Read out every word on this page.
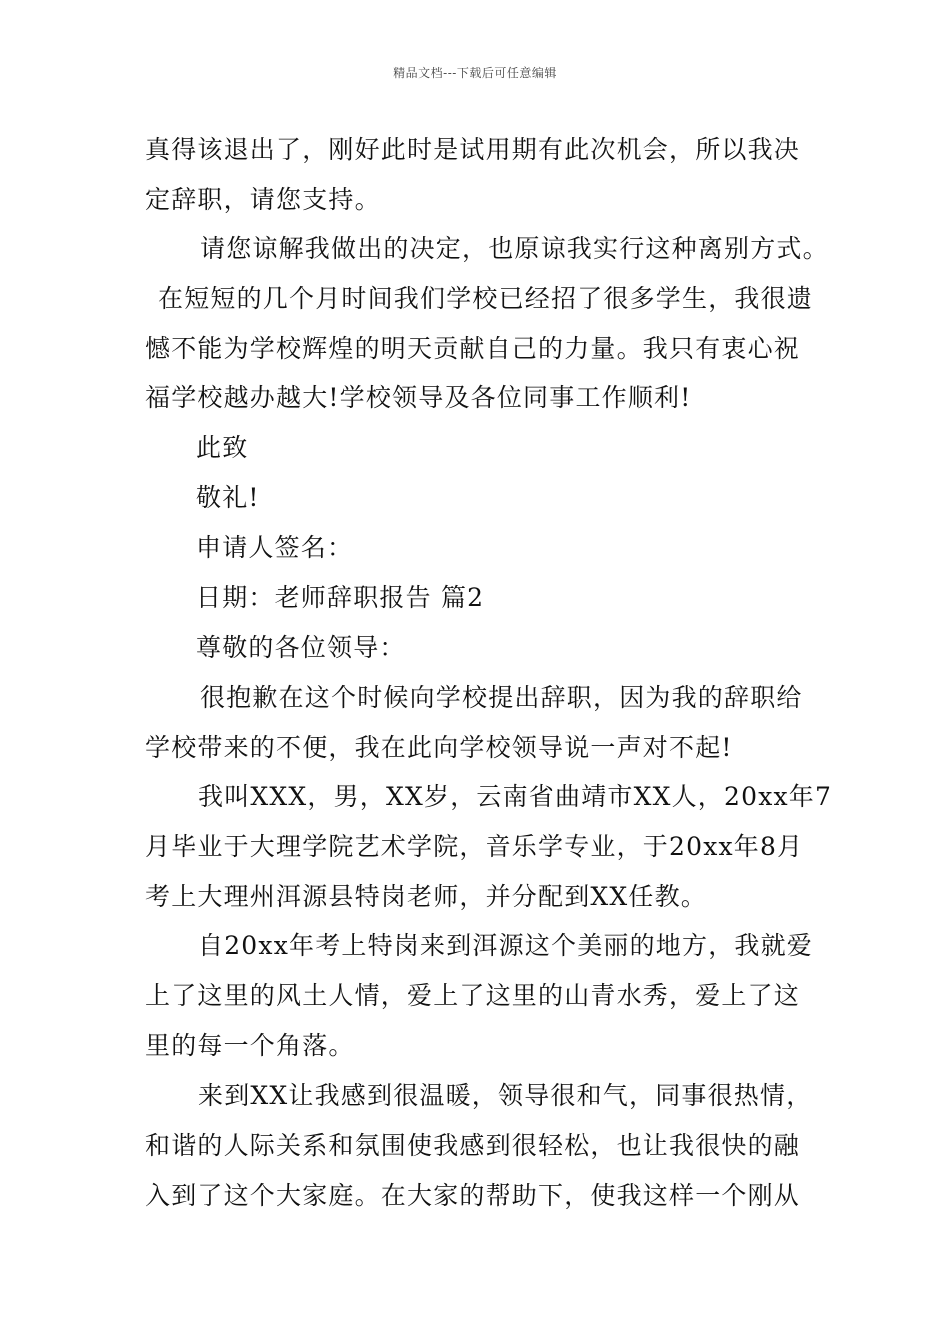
精品文档---下载后可任意编辑
真得该退出了，刚好此时是试用期有此次机会，所以我决
定辞职，请您支持。
请您谅解我做出的决定，也原谅我实行这种离别方式。
在短短的几个月时间我们学校已经招了很多学生，我很遗
憾不能为学校辉煌的明天贡献自己的力量。我只有衷心祝
福学校越办越大!学校领导及各位同事工作顺利!
此致
敬礼!
申请人签名：
日期：老师辞职报告 篇2
尊敬的各位领导：
很抱歉在这个时候向学校提出辞职，因为我的辞职给
学校带来的不便，我在此向学校领导说一声对不起!
我叫XXX，男，XX岁，云南省曲靖市XX人，20xx年7
月毕业于大理学院艺术学院，音乐学专业，于20xx年8月
考上大理州洱源县特岗老师，并分配到XX任教。
自20xx年考上特岗来到洱源这个美丽的地方，我就爱
上了这里的风土人情，爱上了这里的山青水秀，爱上了这
里的每一个角落。
来到XX让我感到很温暖，领导很和气，同事很热情，
和谐的人际关系和氛围使我感到很轻松，也让我很快的融
入到了这个大家庭。在大家的帮助下，使我这样一个刚从
